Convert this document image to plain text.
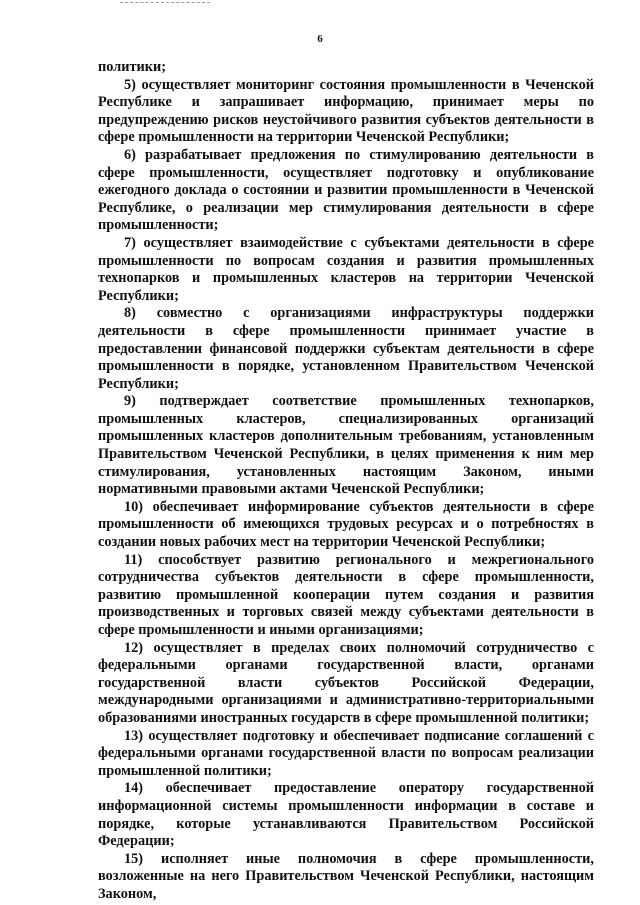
6

политики;

5) осуществляет мониторинг состояния промышленности в Чеченской Республике и запрашивает информацию, принимает меры по предупреждению рисков неустойчивого развития субъектов деятельности в сфере промышленности на территории Чеченской Республики;

6) разрабатывает предложения по стимулированию деятельности в сфере промышленности, осуществляет подготовку и опубликование ежегодного доклада о состоянии и развитии промышленности в Чеченской Республике, о реализации мер стимулирования деятельности в сфере промышленности;

7) осуществляет взаимодействие с субъектами деятельности в сфере промышленности по вопросам создания и развития промышленных технопарков и промышленных кластеров на территории Чеченской Республики;

8) совместно с организациями инфраструктуры поддержки деятельности в сфере промышленности принимает участие в предоставлении финансовой поддержки субъектам деятельности в сфере промышленности в порядке, установленном Правительством Чеченской Республики;

9) подтверждает соответствие промышленных технопарков, промышленных кластеров, специализированных организаций промышленных кластеров дополнительным требованиям, установленным Правительством Чеченской Республики, в целях применения к ним мер стимулирования, установленных настоящим Законом, иными нормативными правовыми актами Чеченской Республики;

10) обеспечивает информирование субъектов деятельности в сфере промышленности об имеющихся трудовых ресурсах и о потребностях в создании новых рабочих мест на территории Чеченской Республики;

11) способствует развитию регионального и межрегионального сотрудничества субъектов деятельности в сфере промышленности, развитию промышленной кооперации путем создания и развития производственных и торговых связей между субъектами деятельности в сфере промышленности и иными организациями;

12) осуществляет в пределах своих полномочий сотрудничество с федеральными органами государственной власти, органами государственной власти субъектов Российской Федерации, международными организациями и административно-территориальными образованиями иностранных государств в сфере промышленной политики;

13) осуществляет подготовку и обеспечивает подписание соглашений с федеральными органами государственной власти по вопросам реализации промышленной политики;

14) обеспечивает предоставление оператору государственной информационной системы промышленности информации в составе и порядке, которые устанавливаются Правительством Российской Федерации;

15) исполняет иные полномочия в сфере промышленности, возложенные на него Правительством Чеченской Республики, настоящим Законом,
